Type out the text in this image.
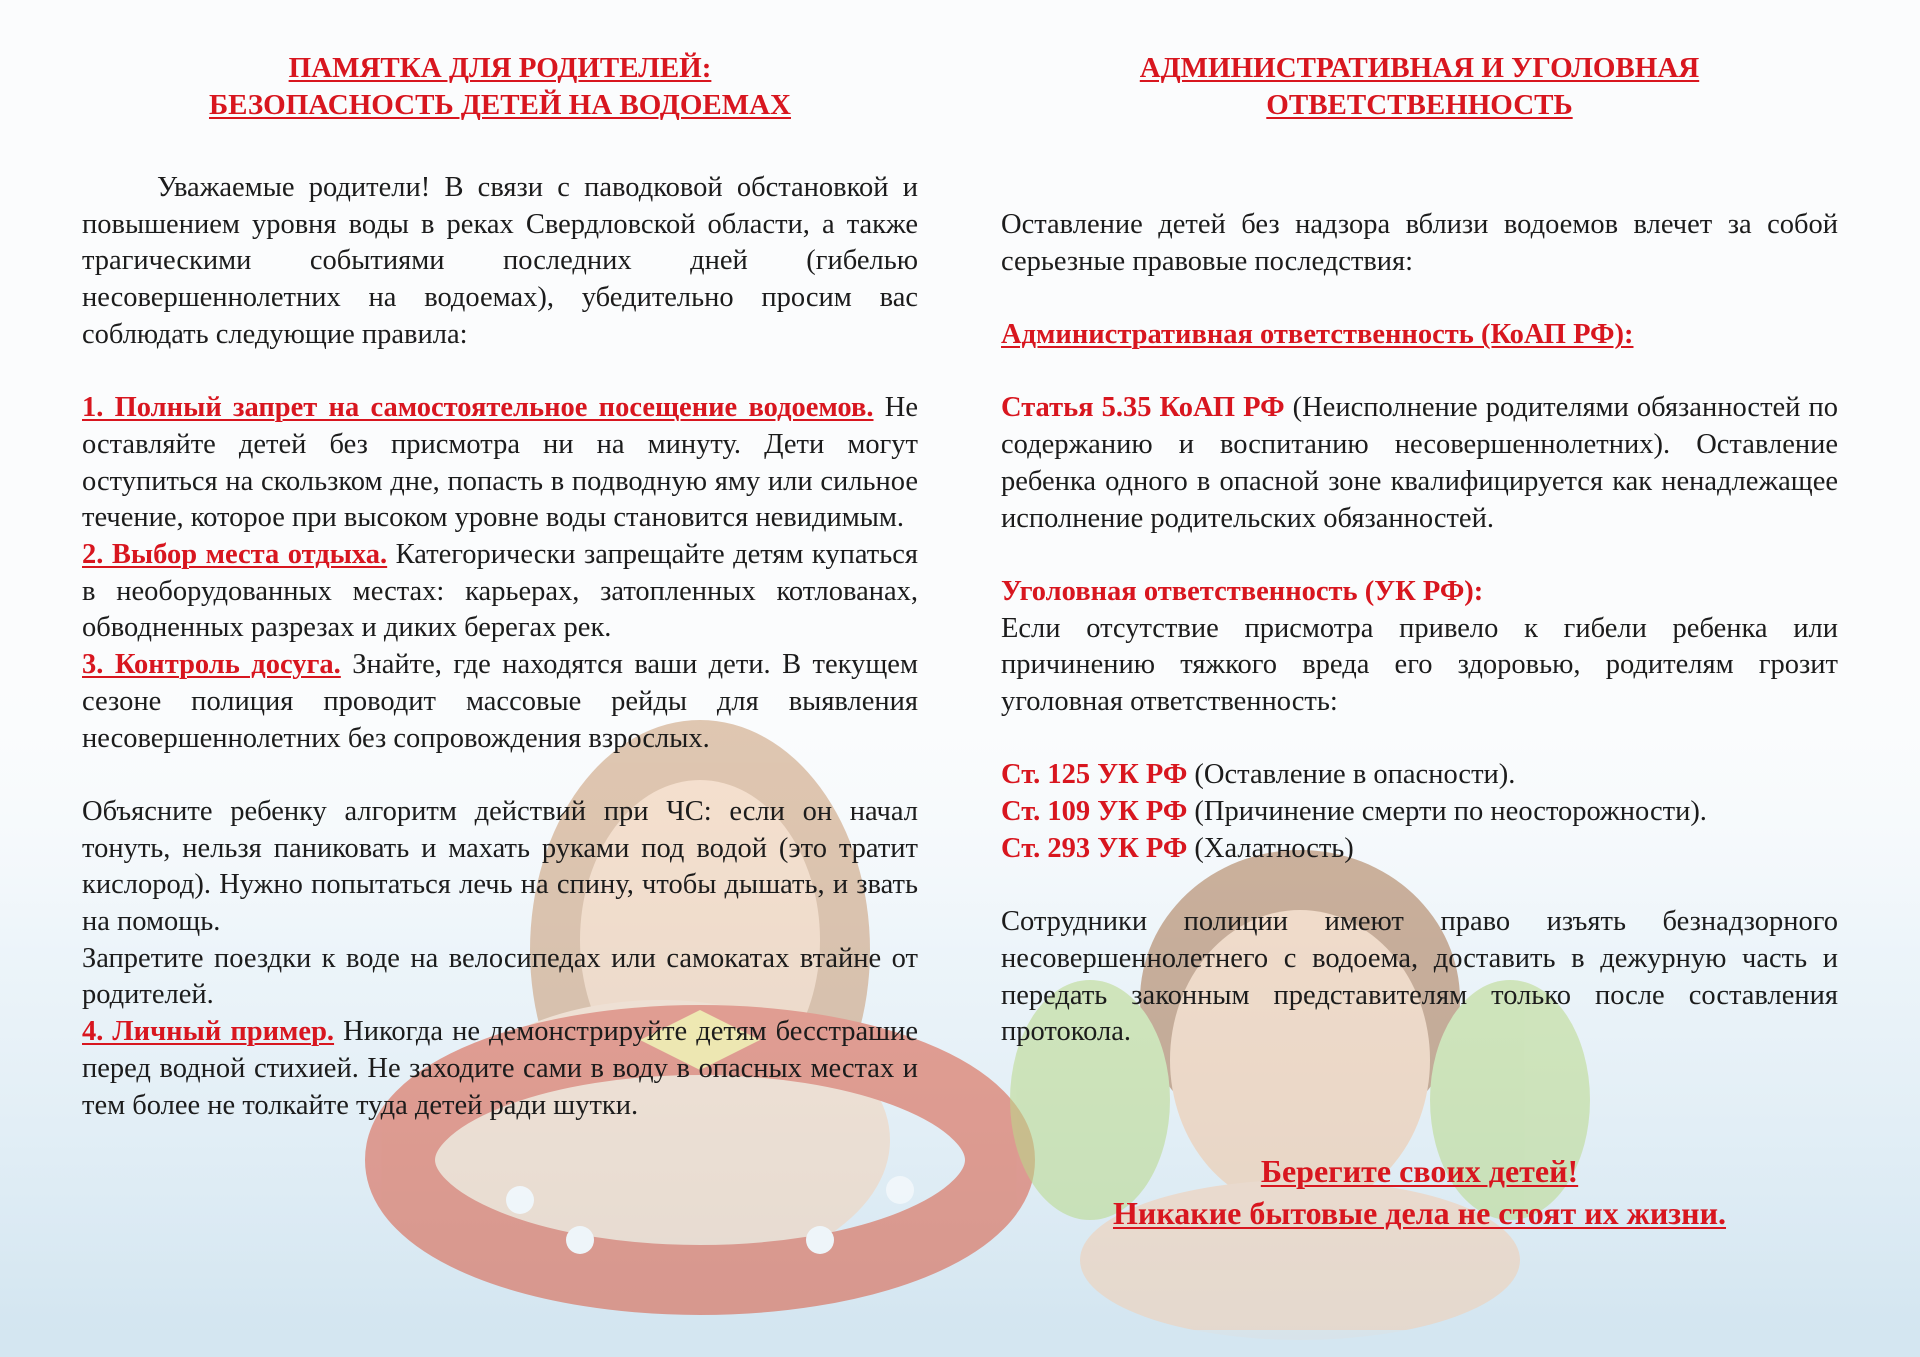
ПАМЯТКА ДЛЯ РОДИТЕЛЕЙ:
БЕЗОПАСНОСТЬ ДЕТЕЙ НА ВОДОЕМАХ

Уважаемые родители! В связи с паводковой обстановкой и повышением уровня воды в реках Свердловской области, а также трагическими событиями последних дней (гибелью несовершеннолетних на водоемах), убедительно просим вас соблюдать следующие правила:

1. Полный запрет на самостоятельное посещение водоемов. Не оставляйте детей без присмотра ни на минуту. Дети могут оступиться на скользком дне, попасть в подводную яму или сильное течение, которое при высоком уровне воды становится невидимым.

2. Выбор места отдыха. Категорически запрещайте детям купаться в необорудованных местах: карьерах, затопленных котлованах, обводненных разрезах и диких берегах рек.

3. Контроль досуга. Знайте, где находятся ваши дети. В текущем сезоне полиция проводит массовые рейды для выявления несовершеннолетних без сопровождения взрослых.

Объясните ребенку алгоритм действий при ЧС: если он начал тонуть, нельзя паниковать и махать руками под водой (это тратит кислород). Нужно попытаться лечь на спину, чтобы дышать, и звать на помощь.

Запретите поездки к воде на велосипедах или самокатах втайне от родителей.

4. Личный пример. Никогда не демонстрируйте детям бесстрашие перед водной стихией. Не заходите сами в воду в опасных местах и тем более не толкайте туда детей ради шутки.

АДМИНИСТРАТИВНАЯ И УГОЛОВНАЯ
ОТВЕТСТВЕННОСТЬ

Оставление детей без надзора вблизи водоемов влечет за собой серьезные правовые последствия:

Административная ответственность (КоАП РФ):

Статья 5.35 КоАП РФ (Неисполнение родителями обязанностей по содержанию и воспитанию несовершеннолетних). Оставление ребенка одного в опасной зоне квалифицируется как ненадлежащее исполнение родительских обязанностей.

Уголовная ответственность (УК РФ):

Если отсутствие присмотра привело к гибели ребенка или причинению тяжкого вреда его здоровью, родителям грозит уголовная ответственность:

Ст. 125 УК РФ (Оставление в опасности).

Ст. 109 УК РФ (Причинение смерти по неосторожности).

Ст. 293 УК РФ (Халатность)

Сотрудники полиции имеют право изъять безнадзорного несовершеннолетнего с водоема, доставить в дежурную часть и передать законным представителям только после составления протокола.

Берегите своих детей!
Никакие бытовые дела не стоят их жизни.
